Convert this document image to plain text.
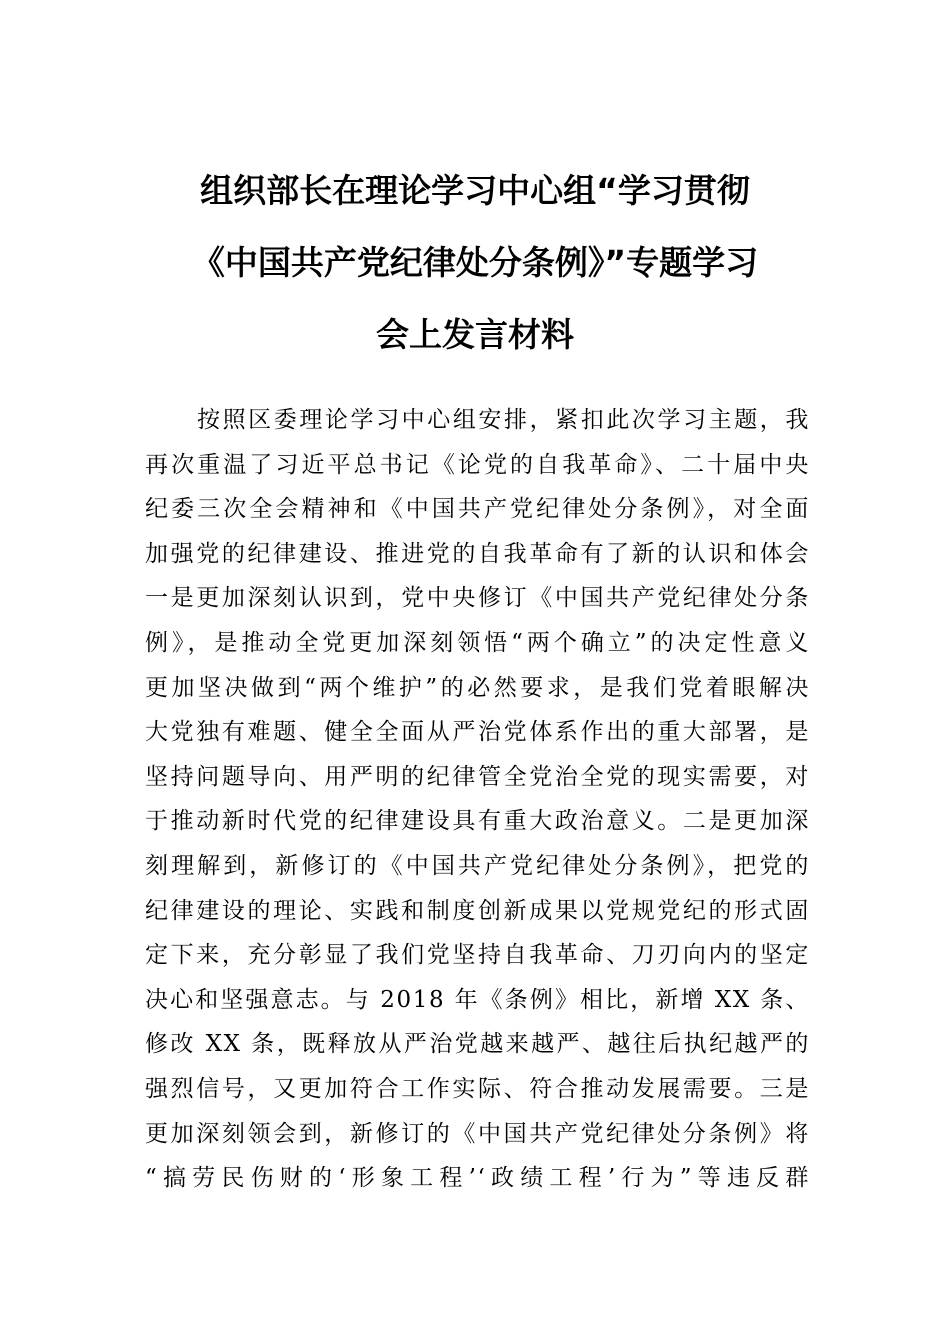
组织部长在理论学习中心组“学习贯彻
《中国共产党纪律处分条例》”专题学习
会上发言材料
按照区委理论学习中心组安排，紧扣此次学习主题，我
再次重温了习近平总书记《论党的自我革命》、二十届中央
纪委三次全会精神和《中国共产党纪律处分条例》，对全面
加强党的纪律建设、推进党的自我革命有了新的认识和体会
一是更加深刻认识到，党中央修订《中国共产党纪律处分条
例》，是推动全党更加深刻领悟“两个确立”的决定性意义
更加坚决做到“两个维护”的必然要求，是我们党着眼解决
大党独有难题、健全全面从严治党体系作出的重大部署，是
坚持问题导向、用严明的纪律管全党治全党的现实需要，对
于推动新时代党的纪律建设具有重大政治意义。二是更加深
刻理解到，新修订的《中国共产党纪律处分条例》，把党的
纪律建设的理论、实践和制度创新成果以党规党纪的形式固
定下来，充分彰显了我们党坚持自我革命、刀刃向内的坚定
决心和坚强意志。与 2018 年《条例》相比，新增 XX 条、
修改 XX 条，既释放从严治党越来越严、越往后执纪越严的
强烈信号，又更加符合工作实际、符合推动发展需要。三是
更加深刻领会到，新修订的《中国共产党纪律处分条例》将
“搞劳民伤财的‘形象工程’‘政绩工程’行为”等违反群
